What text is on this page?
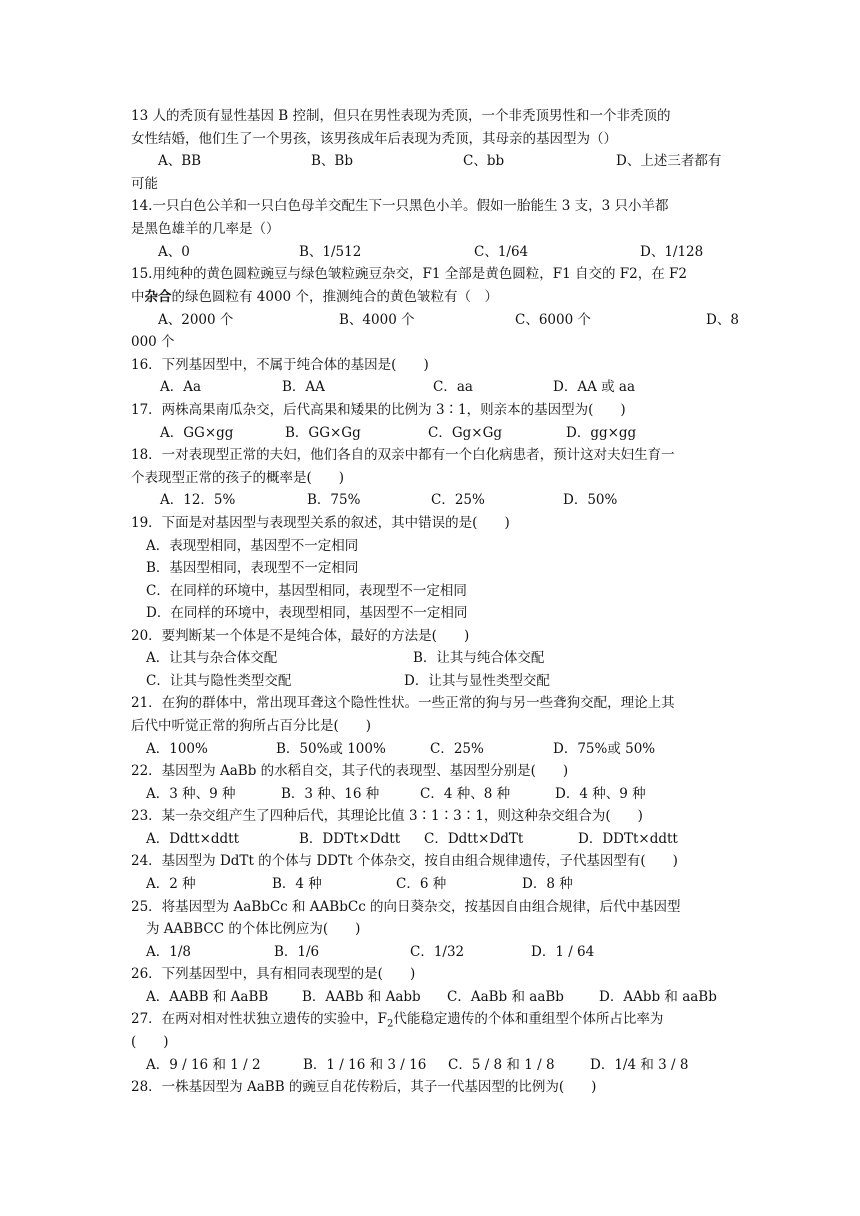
13 人的秃顶有显性基因 B 控制，但只在男性表现为秃顶，一个非秃顶男性和一个非秃顶的
女性结婚，他们生了一个男孩，该男孩成年后表现为秃顶，其母亲的基因型为（）
A、BB	B、Bb	C、bb	D、上述三者都有
可能
14.一只白色公羊和一只白色母羊交配生下一只黑色小羊。假如一胎能生 3 支，3 只小羊都
是黑色雄羊的几率是（）
A、0	B、1/512	C、1/64	D、1/128
15.用纯种的黄色圆粒豌豆与绿色皱粒豌豆杂交，F1 全部是黄色圆粒，F1 自交的 F2，在 F2
中杂合的绿色圆粒有 4000 个，推测纯合的黄色皱粒有（　）
A、2000 个	B、4000 个	C、6000 个	D、8
000 个
16．下列基因型中，不属于纯合体的基因是(　　)
A．Aa	B．AA	C．aa	D．AA 或 aa
17．两株高果南瓜杂交，后代高果和矮果的比例为 3∶1，则亲本的基因型为(　　)
A．GG×gg	B．GG×Gg	C．Gg×Gg	D．gg×gg
18．一对表现型正常的夫妇，他们各自的双亲中都有一个白化病患者，预计这对夫妇生育一
个表现型正常的孩子的概率是(　　)
A．12．5%	B．75%	C．25%	D．50%
19．下面是对基因型与表现型关系的叙述，其中错误的是(　　)
A．表现型相同，基因型不一定相同
B．基因型相同，表现型不一定相同
C．在同样的环境中，基因型相同，表现型不一定相同
D．在同样的环境中，表现型相同，基因型不一定相同
20．要判断某一个体是不是纯合体，最好的方法是(　　)
A．让其与杂合体交配	B．让其与纯合体交配
C．让其与隐性类型交配	D．让其与显性类型交配
21．在狗的群体中，常出现耳聋这个隐性性状。一些正常的狗与另一些聋狗交配，理论上其
后代中听觉正常的狗所占百分比是(　　)
A．100%	B．50%或 100%	C．25%	D．75%或 50%
22．基因型为 AaBb 的水稻自交，其子代的表现型、基因型分别是(　　)
A．3 种、9 种	B．3 种、16 种	C．4 种、8 种	D．4 种、9 种
23．某一杂交组产生了四种后代，其理论比值 3∶1∶3∶1，则这种杂交组合为(　　)
A．Ddtt×ddtt	B．DDTt×Ddtt C．Ddtt×DdTt	D．DDTt×ddtt
24．基因型为 DdTt 的个体与 DDTt 个体杂交，按自由组合规律遗传，子代基因型有(　　)
A．2 种	B．4 种	C．6 种	D．8 种
25．将基因型为 AaBbCc 和 AABbCc 的向日葵杂交，按基因自由组合规律，后代中基因型
为 AABBCC 的个体比例应为(　　)
A．1/8	B．1/6	C．1/32	D．1 / 64
26．下列基因型中，具有相同表现型的是(　　)
A．AABB 和 AaBB B．AABb 和 Aabb C．AaBb 和 aaBb	D．AAbb 和 aaBb
27．在两对相对性状独立遗传的实验中，$F_2$代能稳定遗传的个体和重组型个体所占比率为
(　　)
A．9 / 16 和 1 / 2	B．1 / 16 和 3 / 16 C．5 / 8 和 1 / 8	D．1/4 和 3 / 8
28．一株基因型为 AaBB 的豌豆自花传粉后，其子一代基因型的比例为(　　)
